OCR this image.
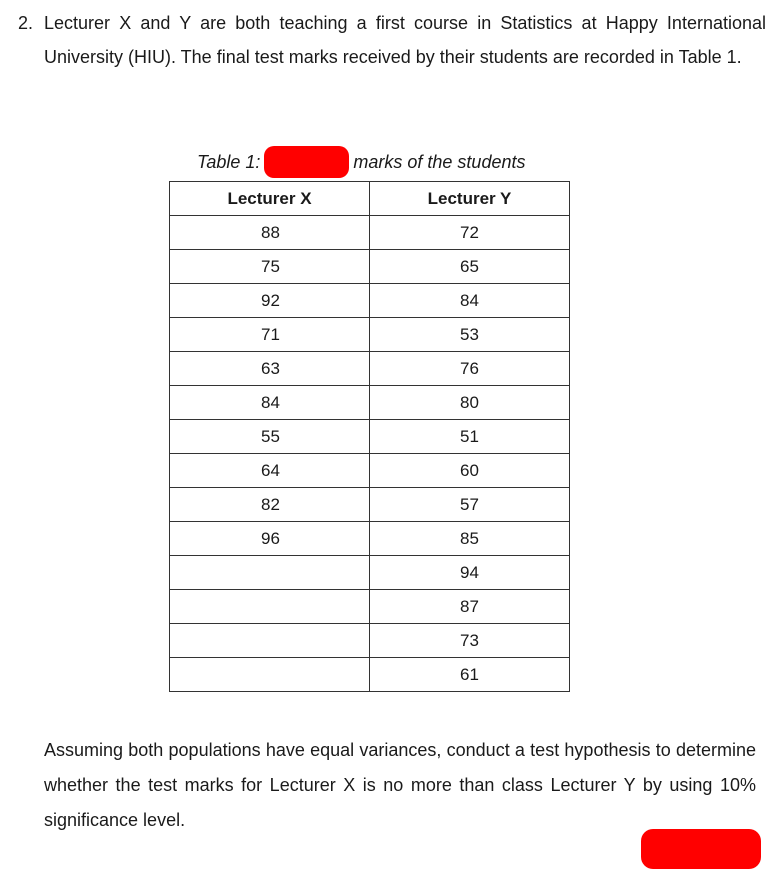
2. Lecturer X and Y are both teaching a first course in Statistics at Happy International University (HIU). The final test marks received by their students are recorded in Table 1.
Table 1:	marks of the students
Lecturer X	Lecturer Y
88	72
75	65
92	84
71	53
63	76
84	80
55	51
64	60
82	57
96	85
	94
	87
	73
	61
Assuming both populations have equal variances, conduct a test hypothesis to determine whether the test marks for Lecturer X is no more than class Lecturer Y by using 10% significance level.
